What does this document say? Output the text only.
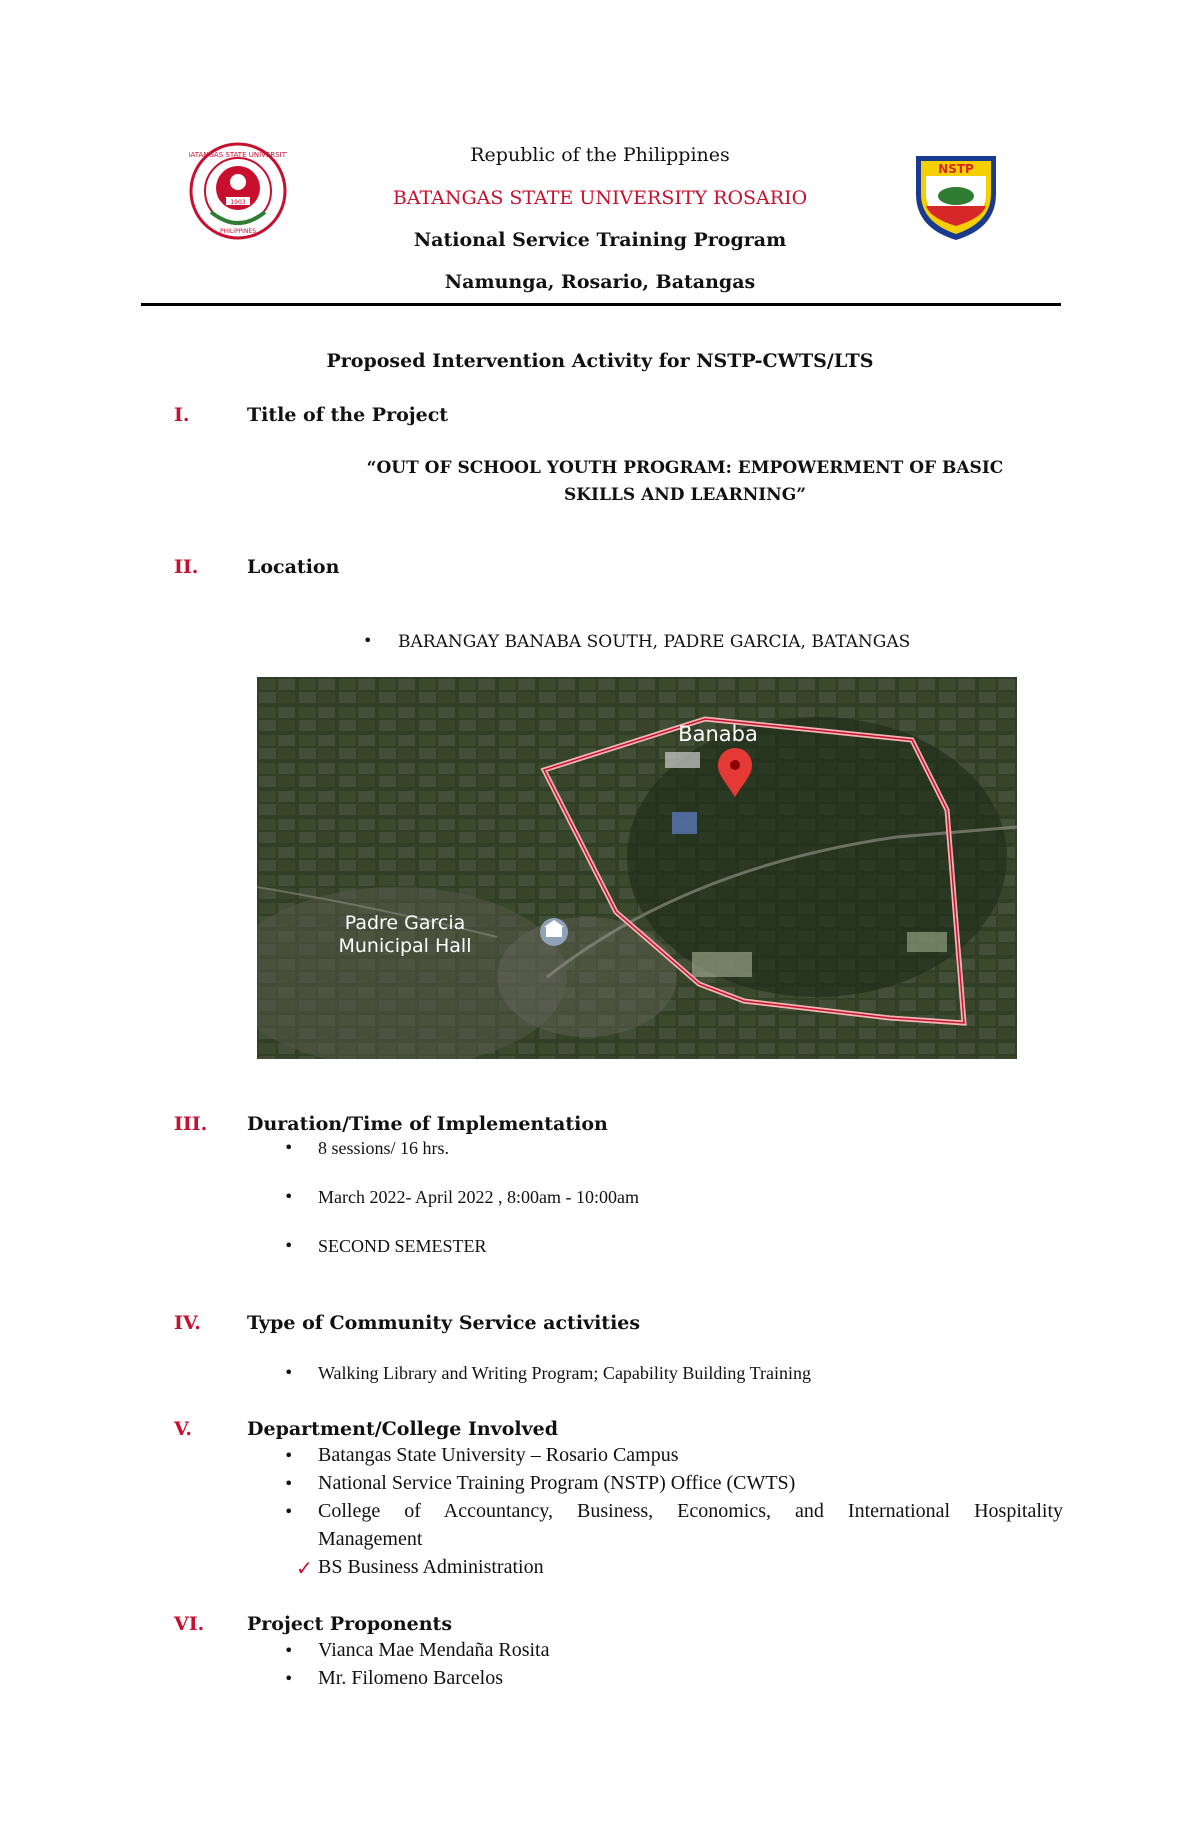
BATANGAS STATE UNIVERSITY
PHILIPPINES
1903
NSTP
Republic of the Philippines
BATANGAS STATE UNIVERSITY ROSARIO
National Service Training Program
Namunga, Rosario, Batangas
Proposed Intervention Activity for NSTP-CWTS/LTS
I.	Title of the Project
“OUT OF SCHOOL YOUTH PROGRAM: EMPOWERMENT OF BASIC
SKILLS AND LEARNING”
II.	Location
• BARANGAY BANABA SOUTH, PADRE GARCIA, BATANGAS
Banaba
Padre Garcia
Municipal Hall
III. Duration/Time of Implementation
• 8 sessions/ 16 hrs.
• March 2022- April 2022 , 8:00am - 10:00am
• SECOND SEMESTER
IV. Type of Community Service activities
• Walking Library and Writing Program; Capability Building Training
V.	Department/College Involved
• Batangas State University – Rosario Campus
• National Service Training Program (NSTP) Office (CWTS)
• College of Accountancy, Business, Economics, and International Hospitality
Management
✓ BS Business Administration
VI. Project Proponents
• Vianca Mae Mendaña Rosita
• Mr. Filomeno Barcelos
